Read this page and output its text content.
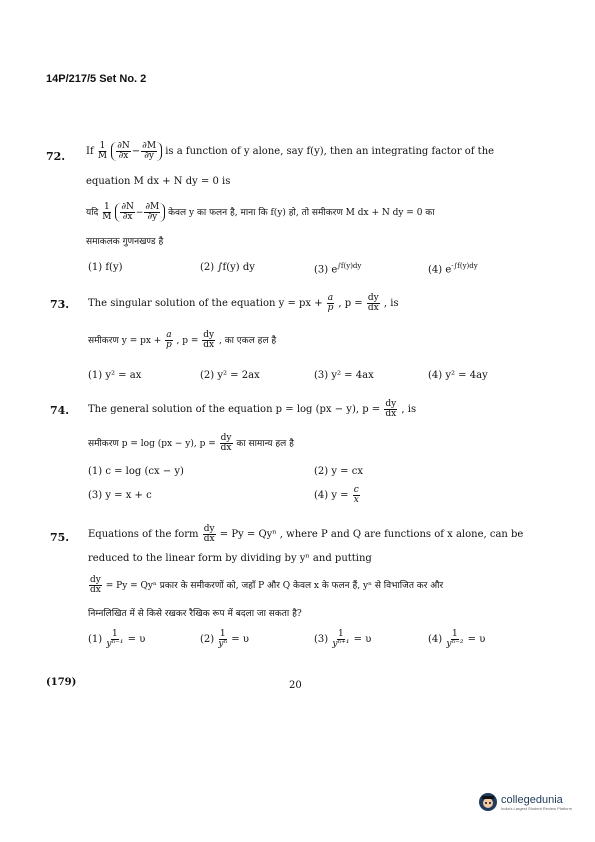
14P/217/5 Set No. 2
72. If $\frac{1}{M}$
$\frac{\partial N}{\partial x} - \frac{\partial M}{\partial y}$ is a function of y alone, say f(y), then an integrating factor of the
equation M dx + N dy = 0 is
यदि $\frac{1}{M}$
$\frac{\partial N}{\partial x} - \frac{\partial M}{\partial y}$ केवल y का फलन है, माना कि f(y) हो, तो समीकरण M dx + N dy = 0 का
समाकलक गुणनखण्ड है
(1) f(y)	(2) ∫f(y) dy	(3) $e^{\int f(y)dy}$	(4) $e^{-\int f(y)dy}$
73. The singular solution of the equation y = px + $\frac{a}{p}$ , $p = \frac{dy}{dx}$ , is
समीकरण y = px + $\frac{a}{p}$ , $p = \frac{dy}{dx}$ , का एकल हल है
(1) y² = ax	(2) y² = 2ax	(3) y² = 4ax	(4) y² = 4ay
74. The general solution of the equation p = log (px − y), $p = \frac{dy}{dx}$ , is
समीकरण p = log (px − y), $p = \frac{dy}{dx}$ का सामान्य हल है
(1) c = log (cx − y)	(2) y = cx
(3) y = x + c	(4) $y = \frac{c}{x}$
75. Equations of the form $\frac{dy}{dx} = Py = Qy^n$ , where P and Q are functions of x alone, can be
reduced to the linear form by dividing by yⁿ and putting
$\frac{dy}{dx} = Py = Qy^n$ प्रकार के समीकरणों को, जहाँ P और Q केवल x के फलन हैं, yⁿ से विभाजित कर और
निम्नलिखित में से किसे रखकर रैखिक रूप में बदला जा सकता है?
$(1) \frac{1}{\text{yⁿ⁻¹}} = \upsilon$	$(2) \frac{1}{\text{yⁿ}} = \upsilon$	$(3) \frac{1}{\text{yⁿ⁺¹}} = \upsilon$	$(4) \frac{1}{\text{yⁿ⁻²}} = \upsilon$
(179)	20
collegedunia
India's Largest Student Review Platform
